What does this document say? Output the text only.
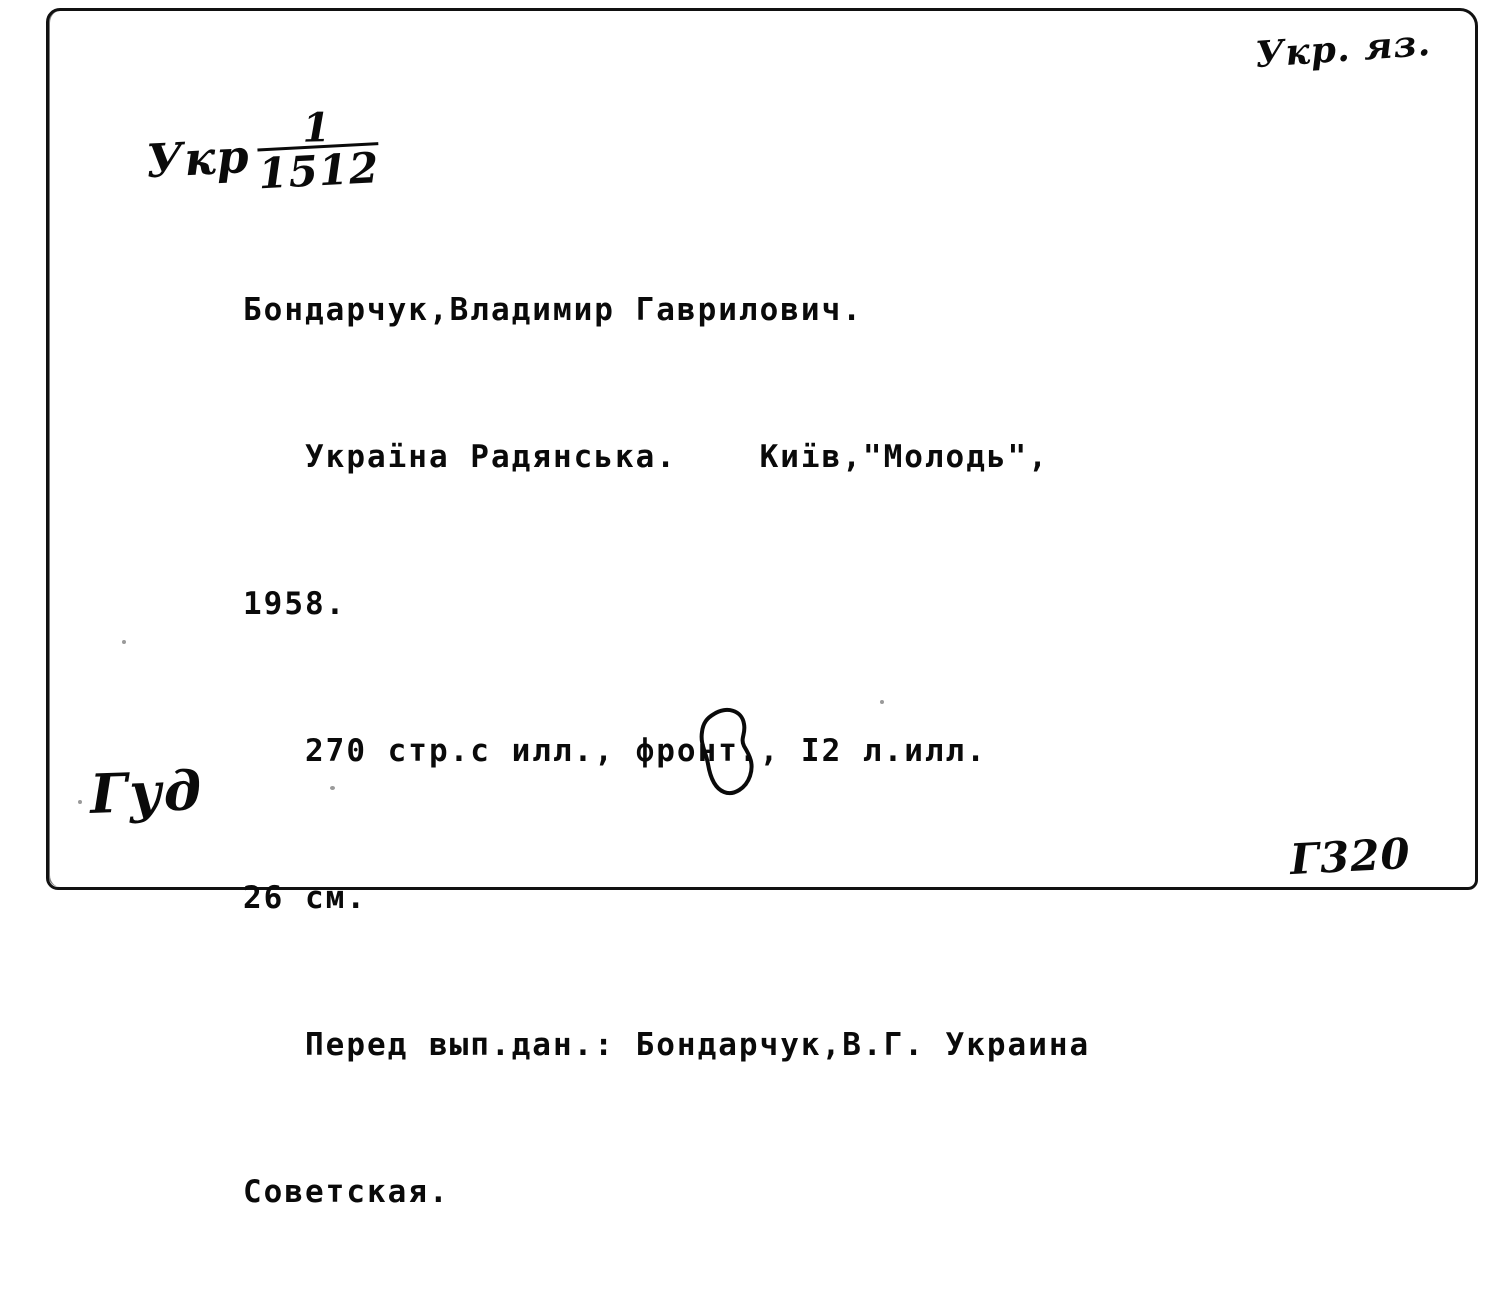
Укр $\frac{1}{1512}$

Укр. яз.

Бондарчук,Владимир Гаврилович.

Україна Радянська.    Київ,"Молодь",

1958.

270 стр.с илл., фронт., I2 л.илл.

26 см.

Перед вып.дан.: Бондарчук,В.Г. Украина

Советская.

Гуд
Г320
